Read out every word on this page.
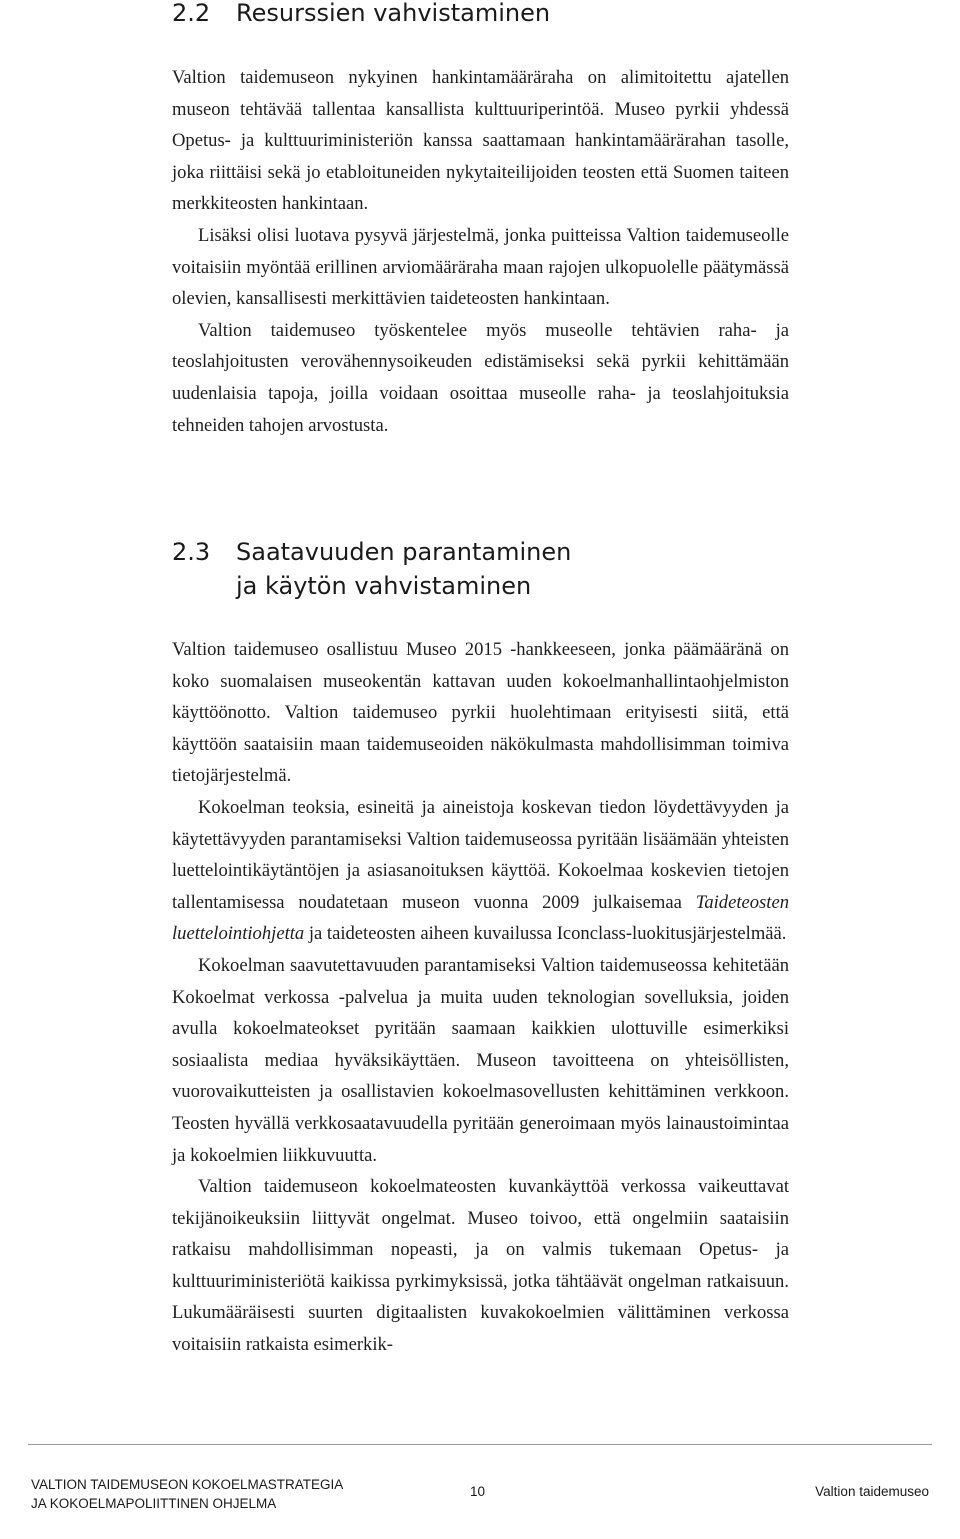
2.2 Resurssien vahvistaminen

Valtion taidemuseon nykyinen hankintamääräraha on alimitoitettu ajatellen museon tehtävää tallentaa kansallista kulttuuriperintöä. Museo pyrkii yhdessä Opetus- ja kulttuuriministeriön kanssa saattamaan hankintamäärärahan tasolle, joka riittäisi sekä jo etabloituneiden nykytaiteilijoiden teosten että Suomen taiteen merkkiteosten hankintaan.

Lisäksi olisi luotava pysyvä järjestelmä, jonka puitteissa Valtion taidemuseolle voitaisiin myöntää erillinen arviomääräraha maan rajojen ulkopuolelle päätymässä olevien, kansallisesti merkittävien taideteosten hankintaan.

Valtion taidemuseo työskentelee myös museolle tehtävien raha- ja teoslahjoitusten verovähennysoikeuden edistämiseksi sekä pyrkii kehittämään uudenlaisia tapoja, joilla voidaan osoittaa museolle raha- ja teoslahjoituksia tehneiden tahojen arvostusta.

2.3 Saatavuuden parantaminen
ja käytön vahvistaminen

Valtion taidemuseo osallistuu Museo 2015 -hankkeeseen, jonka päämääränä on koko suomalaisen museokentän kattavan uuden kokoelmanhallintaohjelmiston käyttöönotto. Valtion taidemuseo pyrkii huolehtimaan erityisesti siitä, että käyttöön saataisiin maan taidemuseoiden näkökulmasta mahdollisimman toimiva tietojärjestelmä.

Kokoelman teoksia, esineitä ja aineistoja koskevan tiedon löydettävyyden ja käytettävyyden parantamiseksi Valtion taidemuseossa pyritään lisäämään yhteisten luettelointikäytäntöjen ja asiasanoituksen käyttöä. Kokoelmaa koskevien tietojen tallentamisessa noudatetaan museon vuonna 2009 julkaisemaa Taideteosten luettelointiohjetta ja taideteosten aiheen kuvailussa Iconclass-luokitusjärjestelmää.

Kokoelman saavutettavuuden parantamiseksi Valtion taidemuseossa kehitetään Kokoelmat verkossa -palvelua ja muita uuden teknologian sovelluksia, joiden avulla kokoelmateokset pyritään saamaan kaikkien ulottuville esimerkiksi sosiaalista mediaa hyväksikäyttäen. Museon tavoitteena on yhteisöllisten, vuorovaikutteisten ja osallistavien kokoelmasovellusten kehittäminen verkkoon. Teosten hyvällä verkkosaatavuudella pyritään generoimaan myös lainaustoimintaa ja kokoelmien liikkuvuutta.

Valtion taidemuseon kokoelmateosten kuvankäyttöä verkossa vaikeuttavat tekijänoikeuksiin liittyvät ongelmat. Museo toivoo, että ongelmiin saataisiin ratkaisu mahdollisimman nopeasti, ja on valmis tukemaan Opetus- ja kulttuuriministeriötä kaikissa pyrkimyksissä, jotka tähtäävät ongelman ratkaisuun. Lukumääräisesti suurten digitaalisten kuvakokoelmien välittäminen verkossa voitaisiin ratkaista esimerkik-

VALTION TAIDEMUSEON KOKOELMASTRATEGIA
JA KOKOELMAPOLIITTINEN OHJELMA
10	Valtion taidemuseo
